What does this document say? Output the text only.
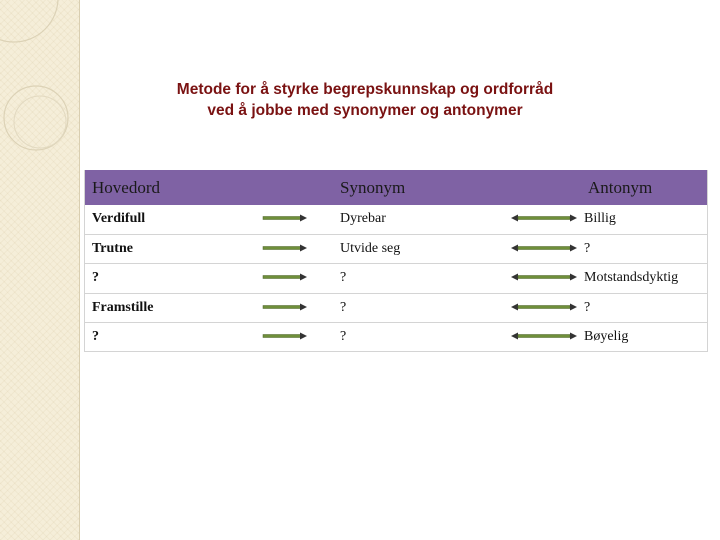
Metode for å styrke begrepskunnskap og ordforråd
ved å jobbe med synonymer og antonymer
Hovedord	Synonym	Antonym

Verdifull	Dyrebar	Billig

Trutne	Utvide seg	?

?	?	Motstandsdyktig

Framstille	?	?

?	?	Bøyelig
